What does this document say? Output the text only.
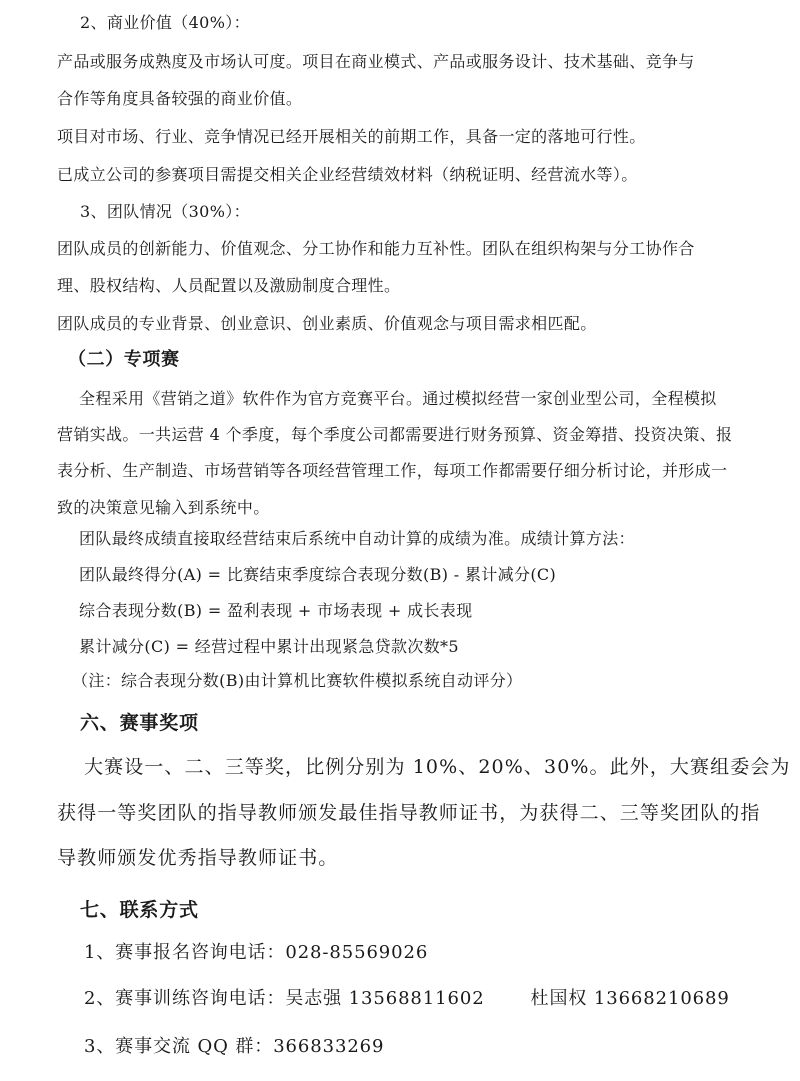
2、商业价值（40%）：
产品或服务成熟度及市场认可度。项目在商业模式、产品或服务设计、技术基础、竞争与
合作等角度具备较强的商业价值。
项目对市场、行业、竞争情况已经开展相关的前期工作，具备一定的落地可行性。
已成立公司的参赛项目需提交相关企业经营绩效材料（纳税证明、经营流水等）。
3、团队情况（30%）：
团队成员的创新能力、价值观念、分工协作和能力互补性。团队在组织构架与分工协作合
理、股权结构、人员配置以及激励制度合理性。
团队成员的专业背景、创业意识、创业素质、价值观念与项目需求相匹配。
（二）专项赛
全程采用《营销之道》软件作为官方竞赛平台。通过模拟经营一家创业型公司，全程模拟
营销实战。一共运营 4 个季度，每个季度公司都需要进行财务预算、资金筹措、投资决策、报
表分析、生产制造、市场营销等各项经营管理工作，每项工作都需要仔细分析讨论，并形成一
致的决策意见输入到系统中。
团队最终成绩直接取经营结束后系统中自动计算的成绩为准。成绩计算方法：
团队最终得分(A) = 比赛结束季度综合表现分数(B) - 累计减分(C)
综合表现分数(B) = 盈利表现 + 市场表现 + 成长表现
累计减分(C) = 经营过程中累计出现紧急贷款次数*5
（注：综合表现分数(B)由计算机比赛软件模拟系统自动评分）
六、赛事奖项
大赛设一、二、三等奖，比例分别为 10%、20%、30%。此外，大赛组委会为
获得一等奖团队的指导教师颁发最佳指导教师证书，为获得二、三等奖团队的指
导教师颁发优秀指导教师证书。
七、联系方式
1、赛事报名咨询电话：028-85569026
2、赛事训练咨询电话：吴志强 13568811602	杜国权 13668210689
3、赛事交流 QQ 群：366833269
